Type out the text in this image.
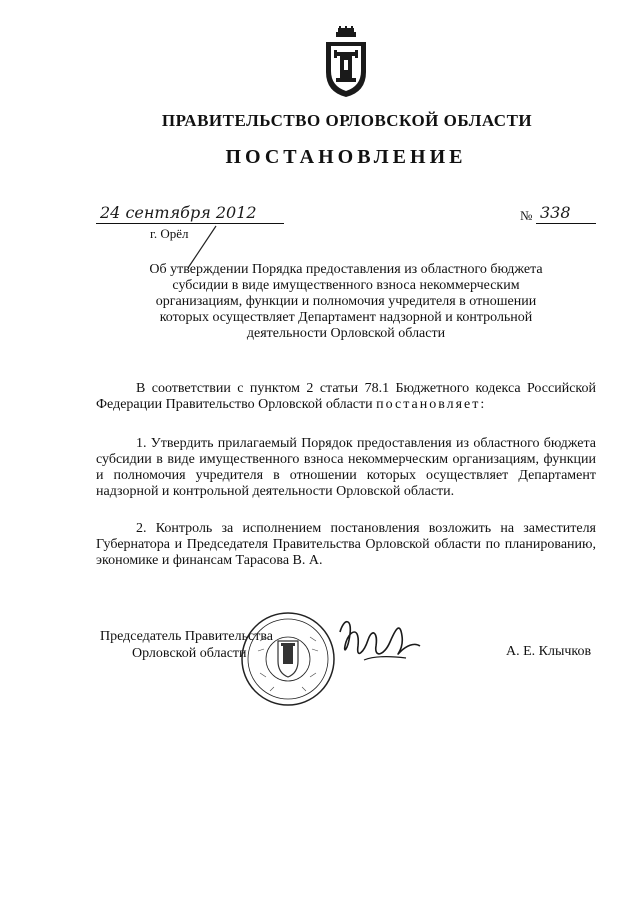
ПРАВИТЕЛЬСТВО ОРЛОВСКОЙ ОБЛАСТИ
ПОСТАНОВЛЕНИЕ
24 сентября 2012
г. Орёл
№ 338
Об утверждении Порядка предоставления из областного бюджета субсидии в виде имущественного взноса некоммерческим организациям, функции и полномочия учредителя в отношении которых осуществляет Департамент надзорной и контрольной деятельности Орловской области
В соответствии с пунктом 2 статьи 78.1 Бюджетного кодекса Российской Федерации Правительство Орловской области постановляет:
1. Утвердить прилагаемый Порядок предоставления из областного бюджета субсидии в виде имущественного взноса некоммерческим организациям, функции и полномочия учредителя в отношении которых осуществляет Департамент надзорной и контрольной деятельности Орловской области.
2. Контроль за исполнением постановления возложить на заместителя Губернатора и Председателя Правительства Орловской области по планированию, экономике и финансам Тарасова В. А.
Председатель Правительства
Орловской области	А. Е. Клычков
